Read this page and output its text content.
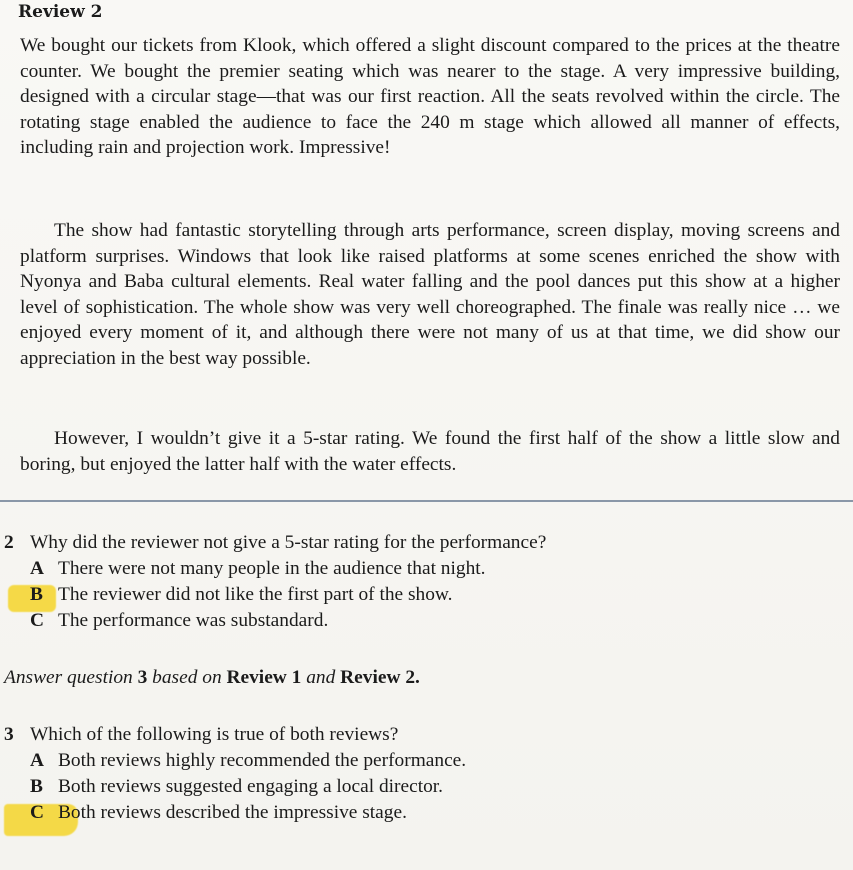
Review 2
We bought our tickets from Klook, which offered a slight discount compared to the prices at the theatre counter. We bought the premier seating which was nearer to the stage. A very impressive building, designed with a circular stage—that was our first reaction. All the seats revolved within the circle. The rotating stage enabled the audience to face the 240 m stage which allowed all manner of effects, including rain and projection work. Impressive!
The show had fantastic storytelling through arts performance, screen display, moving screens and platform surprises. Windows that look like raised platforms at some scenes enriched the show with Nyonya and Baba cultural elements. Real water falling and the pool dances put this show at a higher level of sophistication. The whole show was very well choreographed. The finale was really nice … we enjoyed every moment of it, and although there were not many of us at that time, we did show our appreciation in the best way possible.
However, I wouldn’t give it a 5-star rating. We found the first half of the show a little slow and boring, but enjoyed the latter half with the water effects.
2 Why did the reviewer not give a 5-star rating for the performance?
A There were not many people in the audience that night.
B The reviewer did not like the first part of the show.
C The performance was substandard.
Answer question 3 based on Review 1 and Review 2.
3 Which of the following is true of both reviews?
A Both reviews highly recommended the performance.
B Both reviews suggested engaging a local director.
C Both reviews described the impressive stage.
